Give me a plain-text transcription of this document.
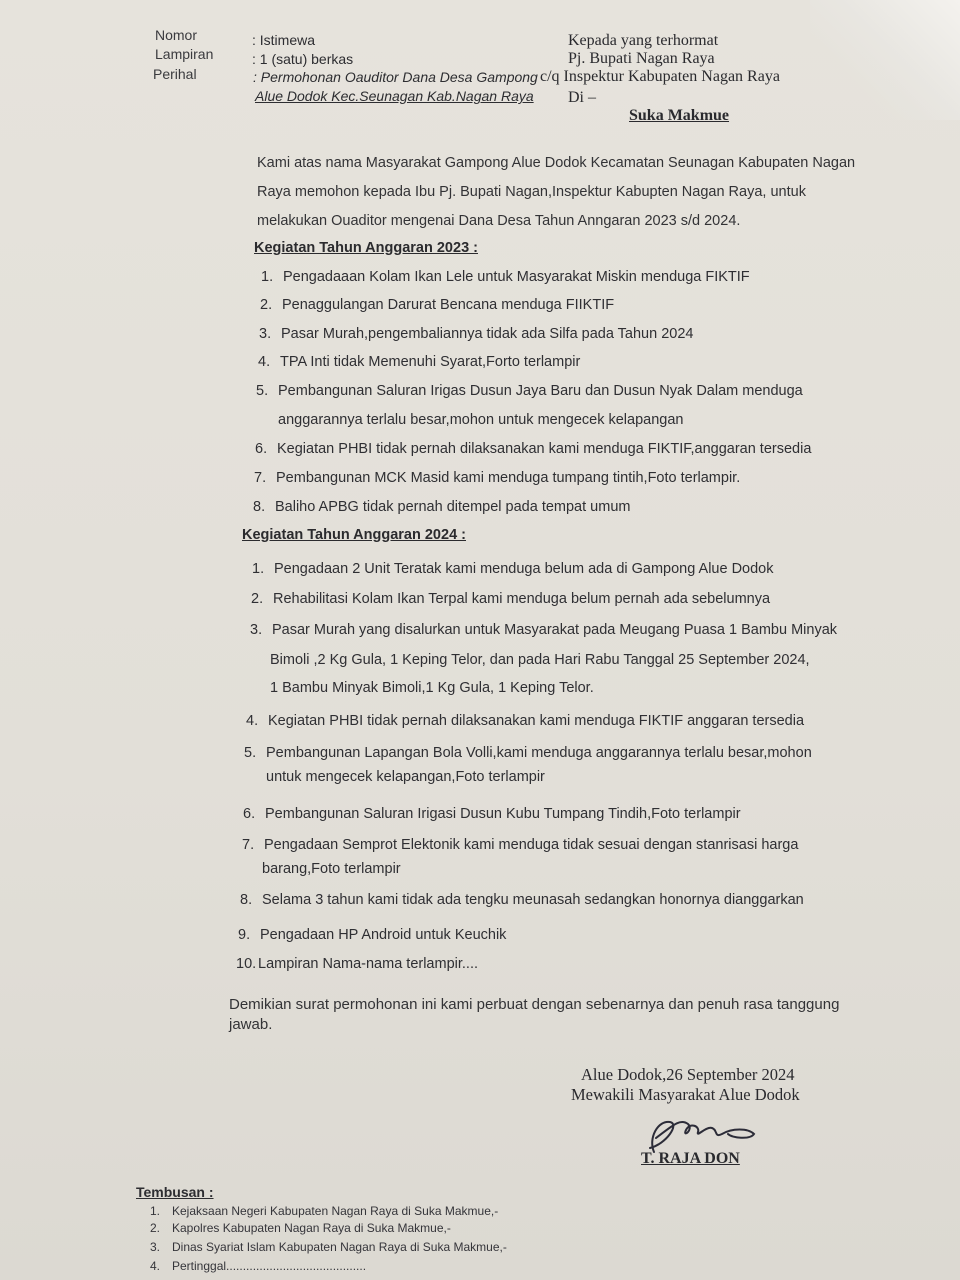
Nomor	: Istimewa
Lampiran	: 1 (satu) berkas
Perihal	: Permohonan Oauditor Dana Desa Gampong
Alue Dodok Kec.Seunagan Kab.Nagan Raya
Kepada yang terhormat
Pj. Bupati Nagan Raya
c/q Inspektur Kabupaten Nagan Raya
Di –
Suka Makmue
Kami atas nama Masyarakat Gampong Alue Dodok Kecamatan Seunagan Kabupaten Nagan
Raya memohon kepada Ibu Pj. Bupati Nagan,Inspektur Kabupten Nagan Raya, untuk
melakukan Ouaditor mengenai Dana Desa Tahun Anngaran 2023 s/d 2024.
Kegiatan Tahun Anggaran 2023 :
1. Pengadaaan Kolam Ikan Lele untuk Masyarakat Miskin menduga FIKTIF
2. Penaggulangan Darurat Bencana menduga FIIKTIF
3. Pasar Murah,pengembaliannya tidak ada Silfa pada Tahun 2024
4. TPA Inti tidak Memenuhi Syarat,Forto terlampir
5. Pembangunan Saluran Irigas Dusun Jaya Baru dan Dusun Nyak Dalam menduga
anggarannya terlalu besar,mohon untuk mengecek kelapangan
6. Kegiatan PHBI tidak pernah dilaksanakan kami menduga FIKTIF,anggaran tersedia
7. Pembangunan MCK Masid kami menduga tumpang tintih,Foto terlampir.
8. Baliho APBG tidak pernah ditempel pada tempat umum
Kegiatan Tahun Anggaran 2024 :
1. Pengadaan 2 Unit Teratak kami menduga belum ada di Gampong Alue Dodok
2. Rehabilitasi Kolam Ikan Terpal kami menduga belum pernah ada sebelumnya
3. Pasar Murah yang disalurkan untuk Masyarakat pada Meugang Puasa 1 Bambu Minyak
Bimoli ,2 Kg Gula, 1 Keping Telor, dan pada Hari Rabu Tanggal 25 September 2024,
1 Bambu Minyak Bimoli,1 Kg Gula, 1 Keping Telor.
4. Kegiatan PHBI tidak pernah dilaksanakan kami menduga FIKTIF anggaran tersedia
5. Pembangunan Lapangan Bola Volli,kami menduga anggarannya terlalu besar,mohon
untuk mengecek kelapangan,Foto terlampir
6. Pembangunan Saluran Irigasi Dusun Kubu Tumpang Tindih,Foto terlampir
7. Pengadaan Semprot Elektonik kami menduga tidak sesuai dengan stanrisasi harga
barang,Foto terlampir
8. Selama 3 tahun kami tidak ada tengku meunasah sedangkan honornya dianggarkan
9. Pengadaan HP Android untuk Keuchik
10. Lampiran Nama-nama terlampir....
Demikian surat permohonan ini kami perbuat dengan sebenarnya dan penuh rasa tanggung
jawab.
Alue Dodok,26 September 2024
Mewakili Masyarakat Alue Dodok
T. RAJA DON
Tembusan :
1. Kejaksaan Negeri Kabupaten Nagan Raya di Suka Makmue,-
2. Kapolres Kabupaten Nagan Raya di Suka Makmue,-
3. Dinas Syariat Islam Kabupaten Nagan Raya di Suka Makmue,-
4. Pertinggal..........................................
